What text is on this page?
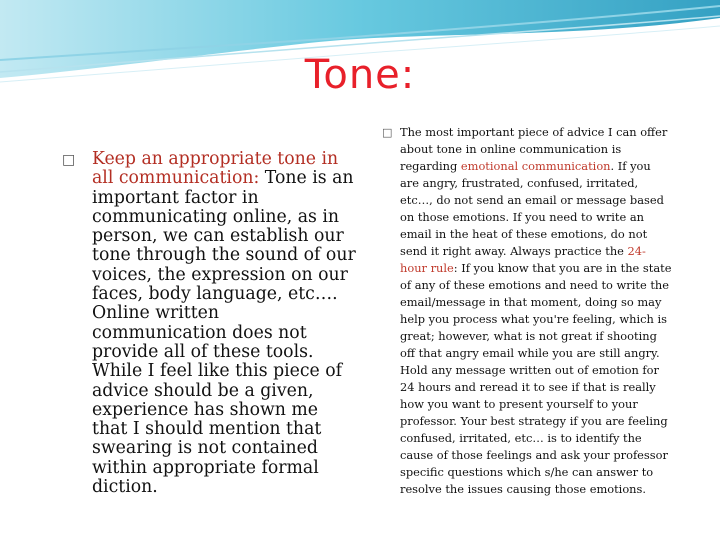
Tone:
□ Keep an appropriate tone in all communication: Tone is an important factor in communicating online, as in person, we can establish our tone through the sound of our voices, the expression on our faces, body language, etc…. Online written communication does not provide all of these tools. While I feel like this piece of advice should be a given, experience has shown me that I should mention that swearing is not contained within appropriate formal diction.
□ The most important piece of advice I can offer about tone in online communication is regarding emotional communication. If you are angry, frustrated, confused, irritated, etc…, do not send an email or message based on those emotions. If you need to write an email in the heat of these emotions, do not send it right away. Always practice the 24-hour rule: If you know that you are in the state of any of these emotions and need to write the email/message in that moment, doing so may help you process what you're feeling, which is great; however, what is not great if shooting off that angry email while you are still angry. Hold any message written out of emotion for 24 hours and reread it to see if that is really how you want to present yourself to your professor. Your best strategy if you are feeling confused, irritated, etc… is to identify the cause of those feelings and ask your professor specific questions which s/he can answer to resolve the issues causing those emotions.
